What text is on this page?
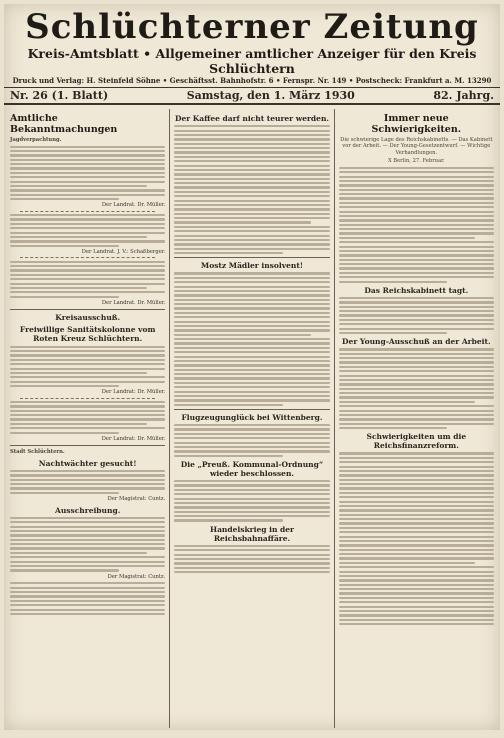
Schlüchterner Zeitung
Kreis-Amtsblatt • Allgemeiner amtlicher Anzeiger für den Kreis Schlüchtern
Druck und Verlag: H. Steinfeld Söhne • Geschäftsst. Bahnhofstr. 6 • Fernspr. Nr. 149 • Postscheck: Frankfurt a. M. 13290
Nr. 26 (1. Blatt)	Samstag, den 1. März 1930	82. Jahrg.
Amtliche Bekanntmachungen
Jagdverpachtung.
Der Landrat. Dr. Müller.
Der Landrat. J. V.: Schaßberger.
Der Landrat. Dr. Müller.
Kreisausschuß.
Freiwillige Sanitätskolonne vom Roten Kreuz Schlüchtern.
Der Landrat: Dr. Müller.
Der Landrat: Dr. Müller.
Stadt Schlüchtern.
Nachtwächter gesucht!
Der Magistrat: Cuntz.
Ausschreibung.
Der Magistrat: Cuntz.
Der Kaffee darf nicht teurer werden.
Mostz Mädler insolvent!
Flugzeugunglück bei Wittenberg.
Die „Preuß. Kommunal-Ordnung“ wieder beschlossen.
Handelskrieg in der Reichsbahnaffäre.
Immer neue Schwierigkeiten.
Die schwierige Lage des Reichskabinetts. — Das Kabinett vor der Arbeit. — Der Young-Gesetzentwurf. — Wichtige Verhandlungen.
X Berlin, 27. Februar.
Das Reichskabinett tagt.
Der Young-Ausschuß an der Arbeit.
Schwierigkeiten um die Reichsfinanzreform.
